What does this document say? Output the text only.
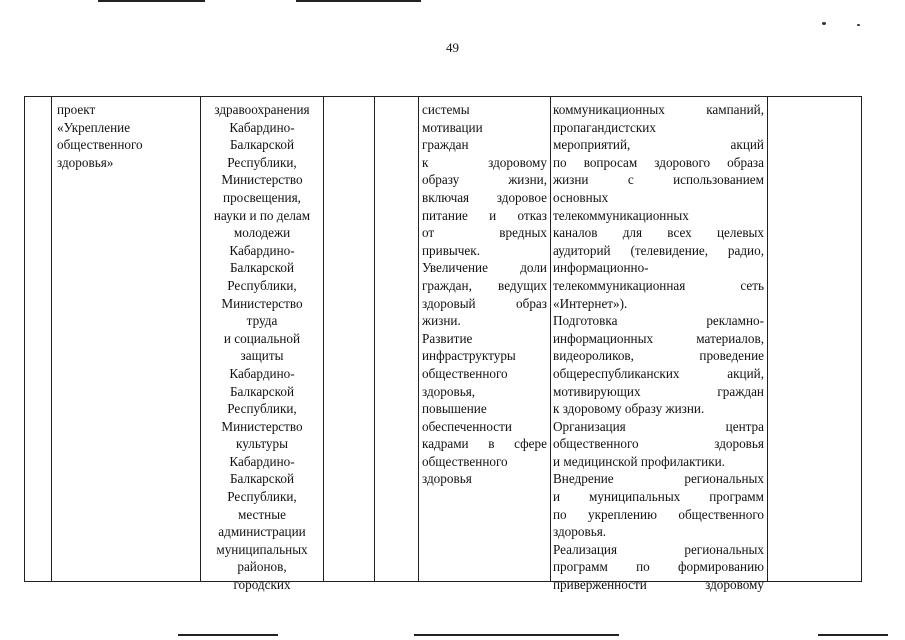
49
проект
«Укрепление
общественного
здоровья»
здравоохранения
Кабардино-
Балкарской
Республики,
Министерство
просвещения,
науки и по делам
молодежи
Кабардино-
Балкарской
Республики,
Министерство
труда
и социальной
защиты
Кабардино-
Балкарской
Республики,
Министерство
культуры
Кабардино-
Балкарской
Республики,
местные
администрации
муниципальных
районов,
городских
системы
мотивации
граждан
к здоровому
образу жизни,
включая здоровое
питание и отказ
от вредных
привычек.
Увеличение доли
граждан, ведущих
здоровый образ
жизни.
Развитие
инфраструктуры
общественного
здоровья,
повышение
обеспеченности
кадрами в сфере
общественного
здоровья
коммуникационных кампаний,
пропагандистских
мероприятий, акций
по вопросам здорового образа
жизни с использованием
основных
телекоммуникационных
каналов для всех целевых
аудиторий (телевидение, радио,
информационно-
телекоммуникационная сеть
«Интернет»).
Подготовка рекламно-
информационных материалов,
видеороликов, проведение
общереспубликанских акций,
мотивирующих граждан
к здоровому образу жизни.
Организация центра
общественного здоровья
и медицинской профилактики.
Внедрение региональных
и муниципальных программ
по укреплению общественного
здоровья.
Реализация региональных
программ по формированию
приверженности здоровому
